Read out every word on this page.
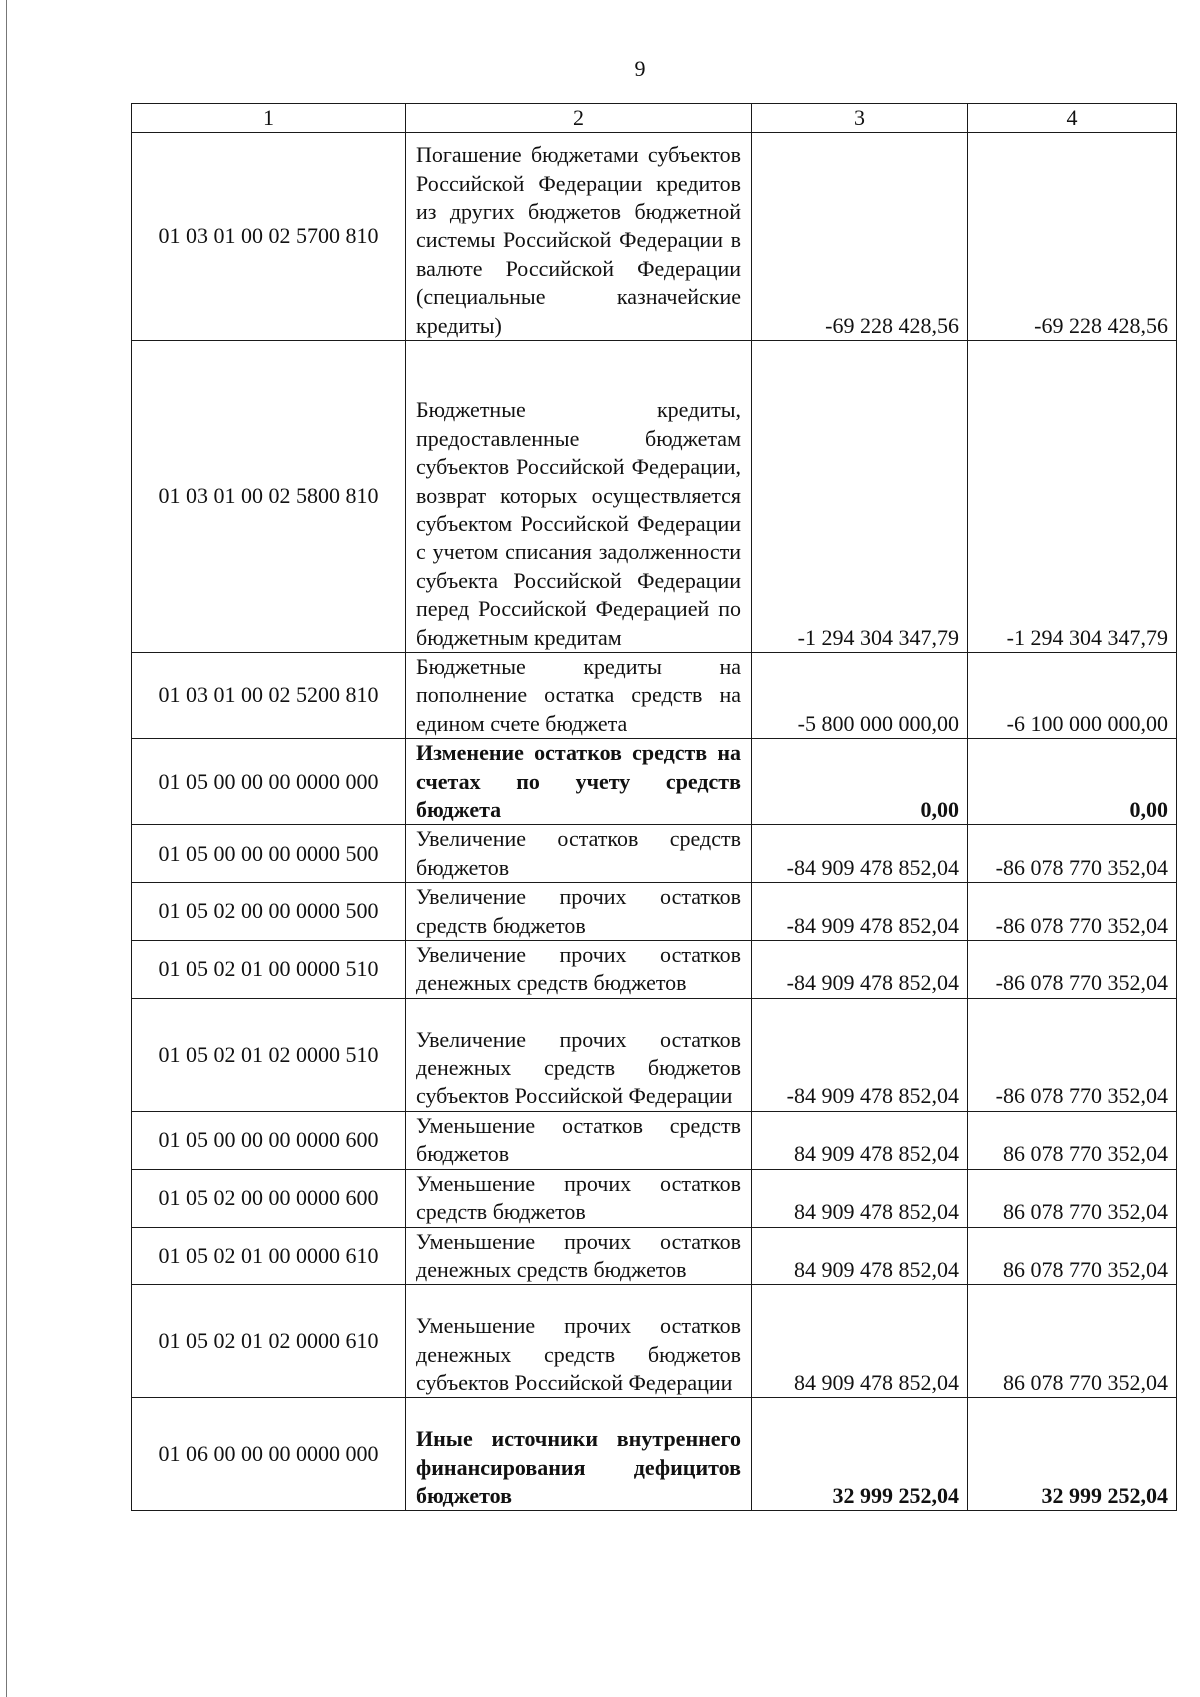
9
1	2	3	4
01 03 01 00 02 5700 810	Погашение бюджетами субъектов Российской Федерации кредитов из других бюджетов бюджетной системы Российской Федерации в валюте Российской Федерации (специальные казначейские кредиты)	-69 228 428,56	-69 228 428,56
01 03 01 00 02 5800 810	Бюджетные кредиты, предоставленные бюджетам субъектов Российской Федерации, возврат которых осуществляется субъектом Российской Федерации с учетом списания задолженности субъекта Российской Федерации перед Российской Федерацией по бюджетным кредитам	-1 294 304 347,79	-1 294 304 347,79
01 03 01 00 02 5200 810	Бюджетные кредиты на пополнение остатка средств на едином счете бюджета	-5 800 000 000,00	-6 100 000 000,00
01 05 00 00 00 0000 000	Изменение остатков средств на счетах по учету средств бюджета	0,00	0,00
01 05 00 00 00 0000 500	Увеличение остатков средств бюджетов	-84 909 478 852,04	-86 078 770 352,04
01 05 02 00 00 0000 500	Увеличение прочих остатков средств бюджетов	-84 909 478 852,04	-86 078 770 352,04
01 05 02 01 00 0000 510	Увеличение прочих остатков денежных средств бюджетов	-84 909 478 852,04	-86 078 770 352,04
01 05 02 01 02 0000 510	Увеличение прочих остатков денежных средств бюджетов субъектов Российской Федерации	-84 909 478 852,04	-86 078 770 352,04
01 05 00 00 00 0000 600	Уменьшение остатков средств бюджетов	84 909 478 852,04	86 078 770 352,04
01 05 02 00 00 0000 600	Уменьшение прочих остатков средств бюджетов	84 909 478 852,04	86 078 770 352,04
01 05 02 01 00 0000 610	Уменьшение прочих остатков денежных средств бюджетов	84 909 478 852,04	86 078 770 352,04
01 05 02 01 02 0000 610	Уменьшение прочих остатков денежных средств бюджетов субъектов Российской Федерации	84 909 478 852,04	86 078 770 352,04
01 06 00 00 00 0000 000	Иные источники внутреннего финансирования дефицитов бюджетов	32 999 252,04	32 999 252,04
